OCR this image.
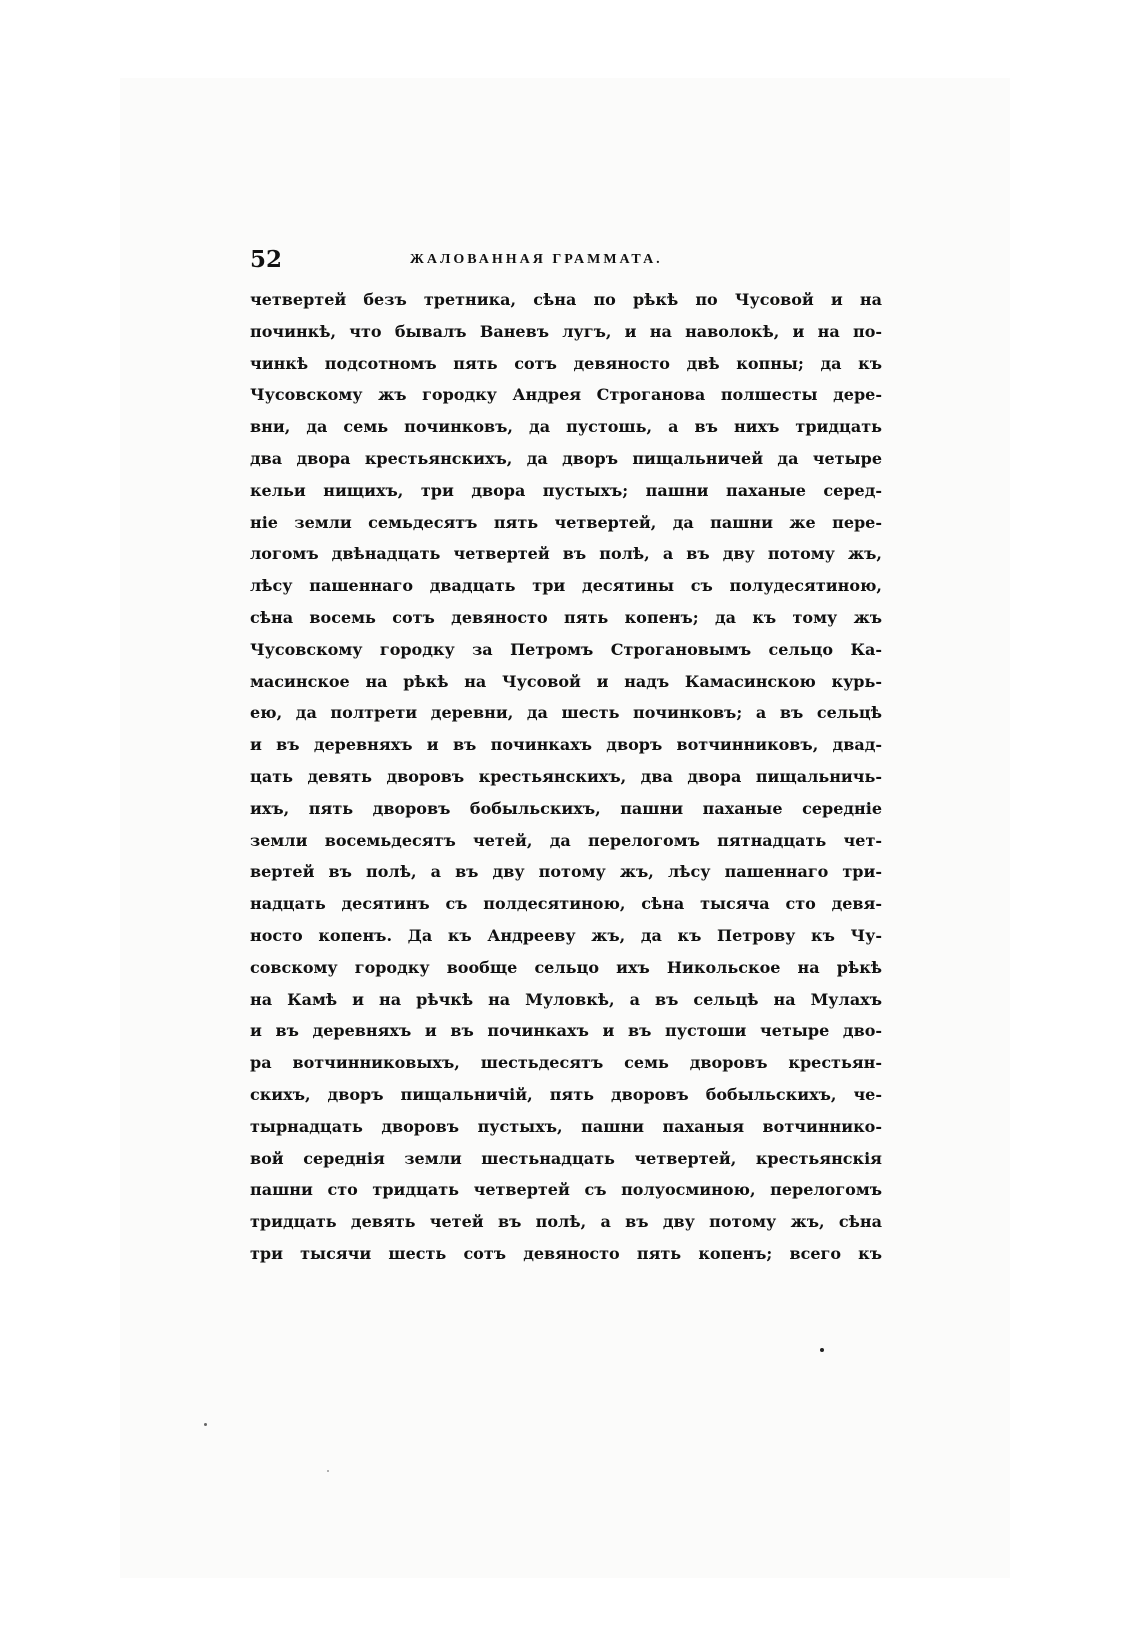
52	ЖАЛОВАННАЯ ГРАММАТА.
четвертей безъ третника, сѣна по рѣкѣ по Чусовой и на
починкѣ, что бывалъ Ваневъ лугъ, и на наволокѣ, и на по-
чинкѣ подсотномъ пять сотъ девяносто двѣ копны; да къ
Чусовскому жъ городку Андрея Строганова полшесты дере-
вни, да семь починковъ, да пустошь, а въ нихъ тридцать
два двора крестьянскихъ, да дворъ пищальничей да четыре
кельи нищихъ, три двора пустыхъ; пашни паханые серед-
нiе земли семьдесятъ пять четвертей, да пашни же пере-
логомъ двѣнадцать четвертей въ полѣ, а въ дву потому жъ,
лѣсу пашеннаго двадцать три десятины съ полудесятиною,
сѣна восемь сотъ девяносто пять копенъ; да къ тому жъ
Чусовскому городку за Петромъ Строгановымъ сельцо Ка-
масинское на рѣкѣ на Чусовой и надъ Камасинскою курь-
ею, да полтрети деревни, да шесть починковъ; а въ сельцѣ
и въ деревняхъ и въ починкахъ дворъ вотчинниковъ, двад-
цать девять дворовъ крестьянскихъ, два двора пищальничь-
ихъ, пять дворовъ бобыльскихъ, пашни паханые середнiе
земли восемьдесятъ четей, да перелогомъ пятнадцать чет-
вертей въ полѣ, а въ дву потому жъ, лѣсу пашеннаго три-
надцать десятинъ съ полдесятиною, сѣна тысяча сто девя-
носто копенъ. Да къ Андрееву жъ, да къ Петрову къ Чу-
совскому городку вообще сельцо ихъ Никольское на рѣкѣ
на Камѣ и на рѣчкѣ на Муловкѣ, а въ сельцѣ на Мулахъ
и въ деревняхъ и въ починкахъ и въ пустоши четыре дво-
ра вотчинниковыхъ, шестьдесятъ семь дворовъ крестьян-
скихъ, дворъ пищальничiй, пять дворовъ бобыльскихъ, че-
тырнадцать дворовъ пустыхъ, пашни паханыя вотчиннико-
вой середнiя земли шестьнадцать четвертей, крестьянскiя
пашни сто тридцать четвертей съ полуосминою, перелогомъ
тридцать девять четей въ полѣ, а въ дву потому жъ, сѣна
три тысячи шесть сотъ девяносто пять копенъ; всего къ
